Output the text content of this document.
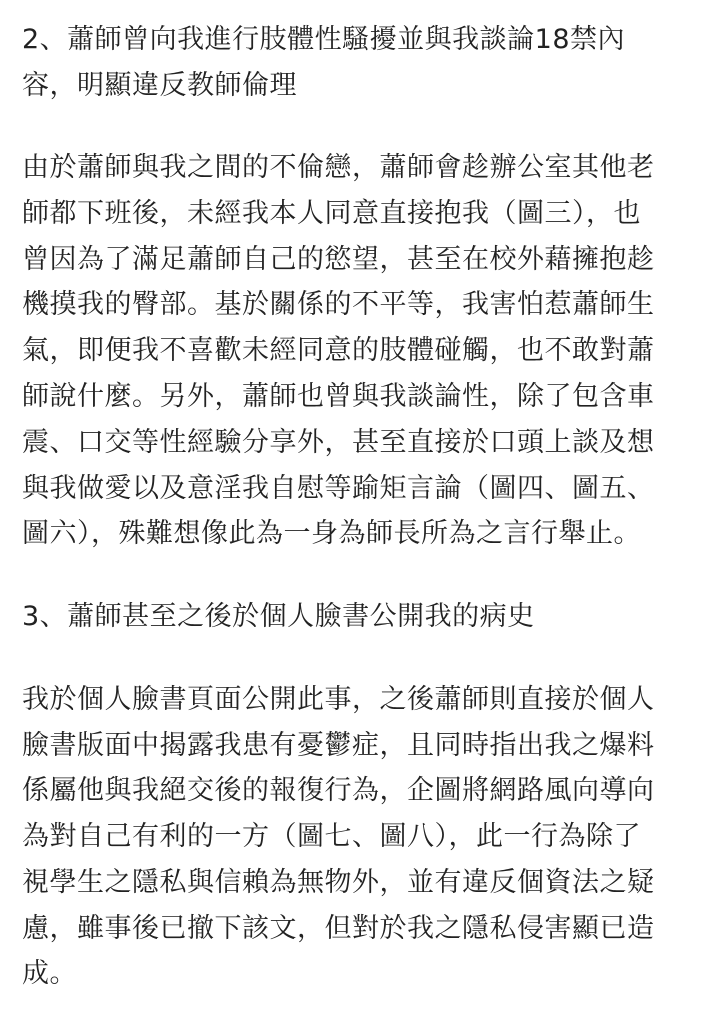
2、蕭師曾向我進行肢體性騷擾並與我談論18禁內
容，明顯違反教師倫理
由於蕭師與我之間的不倫戀，蕭師會趁辦公室其他老
師都下班後，未經我本人同意直接抱我（圖三），也
曾因為了滿足蕭師自己的慾望，甚至在校外藉擁抱趁
機摸我的臀部。基於關係的不平等，我害怕惹蕭師生
氣，即便我不喜歡未經同意的肢體碰觸，也不敢對蕭
師說什麼。另外，蕭師也曾與我談論性，除了包含車
震、口交等性經驗分享外，甚至直接於口頭上談及想
與我做愛以及意淫我自慰等踰矩言論（圖四、圖五、
圖六），殊難想像此為一身為師長所為之言行舉止。
3、蕭師甚至之後於個人臉書公開我的病史
我於個人臉書頁面公開此事，之後蕭師則直接於個人
臉書版面中揭露我患有憂鬱症，且同時指出我之爆料
係屬他與我絕交後的報復行為，企圖將網路風向導向
為對自己有利的一方（圖七、圖八），此一行為除了
視學生之隱私與信賴為無物外，並有違反個資法之疑
慮，雖事後已撤下該文，但對於我之隱私侵害顯已造
成。
